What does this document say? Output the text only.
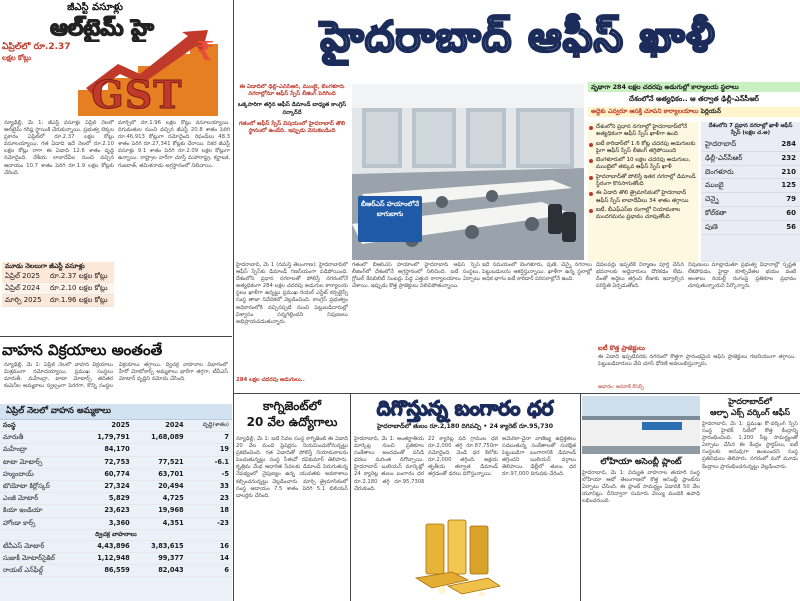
జీఎస్టీ వసూళ్లు
ఆల్‌టైమ్ హై
ఏప్రిల్‌లో రూ.2.37
లక్షల కోట్లు	₹
GST
న్యూఢిల్లీ, మే 1: జీఎస్టీ వసూళ్లు ఏప్రిల్ నెలలో ఆల్‌టైమ్ గరిష్ఠ స్థాయికి చేరుకున్నాయి. ప్రభుత్వ లెక్కల ప్రకారం ఏప్రిల్‌లో రూ.2.37 లక్షల కోట్లు వసూలయ్యాయి. గత ఏడాది ఇదే నెలలో రూ.2.10 లక్షల కోట్లు రాగా ఈ ఏడాది 12.6 శాతం వృద్ధి నమోదైంది. దేశీయ లావాదేవీల నుంచి వచ్చిన ఆదాయం 10.7 శాతం పెరిగి రూ.1.9 లక్షల కోట్లకు చేరింది.
మార్చిలో రూ.1.96 లక్షల కోట్లు వసూలయ్యాయి. దిగుమతుల నుంచి వచ్చిన జీఎస్టీ 20.8 శాతం పెరిగి రూ.46,913 కోట్లుగా నమోదైంది. రిఫండ్‌లు 48.3 శాతం పెరిగి రూ.27,341 కోట్లకు చేరాయి. నికర జీఎస్టీ వసూళ్లు 9.1 శాతం పెరిగి రూ.2.09 లక్షల కోట్లుగా ఉన్నాయి. రాష్ట్రాల వారీగా చూస్తే మహారాష్ట్ర, కర్ణాటక, గుజరాత్, తమిళనాడు అగ్రస్థానంలో నిలిచాయి.
మూడు నెలలుగా జీఎస్టీ వసూళ్లు
ఏప్రిల్ 2025	రూ.2.37 లక్షల కోట్లు
ఏప్రిల్ 2024	రూ.2.10 లక్షల కోట్లు
మార్చి 2025	రూ.1.96 లక్షల కోట్లు
వాహన విక్రయాలు అంతంతే
న్యూఢిల్లీ, మే 1: ఏప్రిల్ నెలలో వాహన విక్రయాలు మిశ్రమంగా నమోదయ్యాయి. ప్రముఖ సంస్థలు మారుతీ, మహీంద్రా, టాటా మోటార్స్ తదితర కంపెనీల అమ్మకాలు స్వల్పంగా పెరగగా, కొన్ని సంస్థల విక్రయాలు తగ్గాయి. ద్విచక్ర వాహనాల విభాగంలో హీరో మోటోకార్ప్ అమ్మకాలు భారీగా తగ్గగా, టీవీఎస్ మోటార్ వృద్ధిని నమోదు చేసింది.
ఏప్రిల్ నెలలో వాహన అమ్మకాలు
సంస్థ	2025	2024	వృద్ధి(శాతం)
మారుతీ	1,79,791	1,68,089	7
మహీంద్రా	84,170		19
టాటా మోటార్స్	72,753	77,521	-6.1
హ్యుందాయ్	60,774	63,701	-5
టొయోటా కిర్లోస్కర్	27,324	20,494	33
ఎంజీ మోటార్	5,829	4,725	23
కియా ఇండియా	23,623	19,968	18
హోండా కార్స్	3,360	4,351	-23
ద్విచక్ర వాహనాలు			
టీవీఎస్ మోటార్	4,43,896	3,83,615	16
సుజుకీ మోటార్‌సైకిల్	1,12,948	99,377	14
రాయల్ ఎన్‌ఫీల్డ్	86,559	82,043	6
హైదరాబాద్ ఆఫీస్ ఖాళీ
ఈ ఏడాదిలో ఢిల్లీ-ఎన్‌సీఆర్, ముంబై, బెంగళూరు నగరాల్లోనూ ఆఫీస్ స్పేస్ లీజింగ్ పెరిగింది
ఒక్కసారిగా తగ్గిన ఆఫీస్ డిమాండ్ బాధ్యత కాంగ్రెస్ సర్కార్‌దే
గతంలో ఆఫీస్ స్పేస్ విషయంలో హైదరాబాద్ తొలి స్థానంలో ఉండేది. ఇప్పుడు వెనుకబడింది
హైదరాబాద్, మే 1 (నమస్తే తెలంగాణ): హైదరాబాద్‌లో ఆఫీస్ స్పేస్‌కు డిమాండ్ గణనీయంగా పడిపోయింది. దేశంలోని ప్రధాన నగరాలతో పోలిస్తే నగరంలోనే అత్యధికంగా 284 లక్షల చదరపు అడుగుల కార్యాలయ స్థలం ఖాళీగా ఉన్నట్టు ప్రముఖ రియల్ ఎస్టేట్ కన్సల్టెన్సీ సంస్థ తాజా నివేదికలో వెల్లడించింది. కాంగ్రెస్ ప్రభుత్వం అధికారంలోకి వచ్చినప్పటి నుంచి పెట్టుబడిదారుల్లో విశ్వాసం సన్నగిల్లిందని నిపుణులు అభిప్రాయపడుతున్నారు.
గతంలో బీఆర్ఎస్ హయాంలో హైదరాబాద్ ఆఫీస్ స్పేస్ లీజింగ్‌లో దేశంలోనే అగ్రస్థానంలో నిలిచింది. ఐటీ సంస్థలు, గ్లోబల్ కేపబిలిటీ సెంటర్లు పెద్ద ఎత్తున కార్యాలయాలు ఏర్పాటు చేశాయి. ఇప్పుడు కొత్త ప్రాజెక్టులు నిలిచిపోతున్నాయి.
ఇదే సమయంలో బెంగళూరు, పుణె, చెన్నై నగరాలు పెట్టుబడులను ఆకర్షిస్తున్నాయి. ఖాళీగా ఉన్న స్థలాల్లో అధిక భాగం ఐటీ కారిడార్ పరిసరాల్లోనే ఉంది.
డెవలపర్లు ఇప్పటికే నిర్మాణం పూర్తి చేసిన భవనాలకు అద్దెదారులు దొరకడం లేదు. దీంతో అద్దెలు తగ్గించి లీజుకు ఇవ్వాల్సిన పరిస్థితి ఏర్పడుతోంది.
నిపుణులు మాట్లాడుతూ ప్రభుత్వ విధానాల్లో స్పష్టత లేకపోవడం, హైడ్రా కూల్చివేతల భయం వంటి అంశాలు రియల్టీ రంగంపై ప్రతికూల ప్రభావం చూపుతున్నాయని పేర్కొన్నారు.
ఐటీ కొత్త ప్రాజెక్టులు
ఈ ఏడాది ఇప్పటివరకు నగరంలో కొత్తగా ప్రారంభమైన ఆఫీస్ ప్రాజెక్టులు గణనీయంగా తగ్గాయి. పెట్టుబడిదారులు వేచి చూసే ధోరణి అవలంబిస్తున్నారు.
బీఆర్ఎస్ హయాంలోనే బాగుబాగు
వృథాగా 284 లక్షల చదరపు అడుగుల్లో కార్యాలయ స్థలాలు
దేశంలోనే అత్యధికం.. ఆ తర్వాత ఢిల్లీ-ఎన్‌సీఆర్
అద్దెకు ఎవ్వరూ ఆసక్తి చూపని కార్యాలయాలు పెర్లియన్
దేశంలోని ప్రధాన నగరాల్లో హైదరాబాద్‌లోనే అత్యధికంగా ఆఫీస్ స్పేస్ ఖాళీగా ఉంది
ఐటీ కారిడార్‌లో 1.6 కోట్ల చదరపు అడుగులకు పైగా ఆఫీస్ స్పేస్ లీజింగ్ తగ్గిపోయింది
బెంగళూరులో 10 లక్షల చదరపు అడుగులు, ముంబైలో తక్కువ ఆఫీస్ స్పేస్ ఖాళీ
హైదరాబాద్‌తో పోలిస్తే ఇతర నగరాల్లో డిమాండ్ స్థిరంగా కొనసాగుతోంది
ఈ ఏడాది తొలి త్రైమాసికంలో హైదరాబాద్ ఆఫీస్ స్పేస్ లావాదేవీలు 34 శాతం తగ్గాయి
ఐటీ, బీఎఫ్ఎస్ఐ రంగాల్లో నియామకాల మందగమనం ప్రభావం చూపుతోంది
దేశంలోని 7 ప్రధాన నగరాల్లో ఖాళీ ఆఫీస్ స్పేస్ (లక్షల చ.అ)
హైదరాబాద్	284
ఢిల్లీ-ఎన్‌సీఆర్	232
బెంగళూరు	210
ముంబై	125
చెన్నై	79
కోల్‌కతా	60
పుణె	56
ఆధారం: అనరాక్ రీసెర్చ్
284 లక్షల చదరపు అడుగులు..
కాగ్నిజెంట్‌లో
20 వేల ఉద్యోగాలు
న్యూఢిల్లీ, మే 1: ఐటీ సేవల సంస్థ కాగ్నిజెంట్ ఈ ఏడాది 20 వేల మంది ఫ్రెషర్లను నియమించుకోనున్నట్టు ప్రకటించింది. గత ఏడాదితో పోలిస్తే నియామకాలను పెంచుతున్నట్టు సంస్థ సీఈవో రవికుమార్ తెలిపారు. కృత్రిమ మేధ ఆధారిత సేవలకు డిమాండ్ పెరుగుతున్న నేపథ్యంలో నైపుణ్యం ఉన్న యువతకు అవకాశాలు కల్పించనున్నట్టు వెల్లడించారు. మార్చి త్రైమాసికంలో సంస్థ ఆదాయం 7.5 శాతం పెరిగి 5.1 బిలియన్ డాలర్లకు చేరింది.
దిగొస్తున్న బంగారం ధర
హైదరాబాద్‌లో తులం రూ.2,180 దిగివచ్చి • 24 క్యారెట్ రూ.95,730
హైదరాబాద్, మే 1: అంతర్జాతీయ మార్కెట్ల నుంచి ప్రతికూల సంకేతాలు అందడంతో పసిడి ధరలు మరింత దిగొచ్చాయి. హైదరాబాద్ బులియన్ మార్కెట్లో 24 క్యారెట్ల తులం బంగారం ధర రూ.2,180 తగ్గి రూ.95,730కి చేరుకుంది.
22 క్యారెట్ల పది గ్రాముల ధర రూ.2,000 తగ్గి రూ.87,750గా నమోదైంది. వెండి ధర కిలోకు రూ.2,000 తగ్గింది. అక్షయ తృతీయ తర్వాత డిమాండ్ తగ్గడంతో ధరలు దిగొస్తున్నాయి.
అమెరికా-చైనా వాణిజ్య ఉద్రిక్తతలు సడలుతున్న సంకేతాలతో సురక్షిత పెట్టుబడిగా బంగారానికి డిమాండ్ తగ్గిందని బులియన్ వర్గాలు తెలిపాయి. ఢిల్లీలో తులం ధర రూ.97,000 దిగువకు చేరింది.
లోహియా అసెంబ్లీ ప్లాంట్
హైదరాబాద్, మే 1: విద్యుత్ వాహనాల తయారీ సంస్థ లోహియా ఆటో తెలంగాణలో కొత్త అసెంబ్లీ ప్లాంట్‌ను ఏర్పాటు చేసింది. ఈ ప్లాంట్ సామర్థ్యం ఏడాదికి 50 వేల యూనిట్లు. దీనిద్వారా సుమారు వెయ్యి మందికి ఉపాధి లభించనుంది.
హైదరాబాద్‌లో
ఆల్ఫా ఎక్స్ వర్కింగ్ ఆఫీస్
హైదరాబాద్, మే 1: ప్రముఖ కో-వర్కింగ్ స్పేస్ సంస్థ హైటెక్ సిటీలో కొత్త కేంద్రాన్ని ప్రారంభించింది. 1,200 సీట్ల సామర్థ్యంతో ఏర్పాటు చేసిన ఈ కేంద్రం స్టార్టప్‌లు, ఐటీ సంస్థలకు అనువుగా ఉంటుందని సంస్థ ప్రతినిధులు తెలిపారు. నగరంలో మరో మూడు కేంద్రాలు ప్రారంభించనున్నట్టు వెల్లడించారు.
